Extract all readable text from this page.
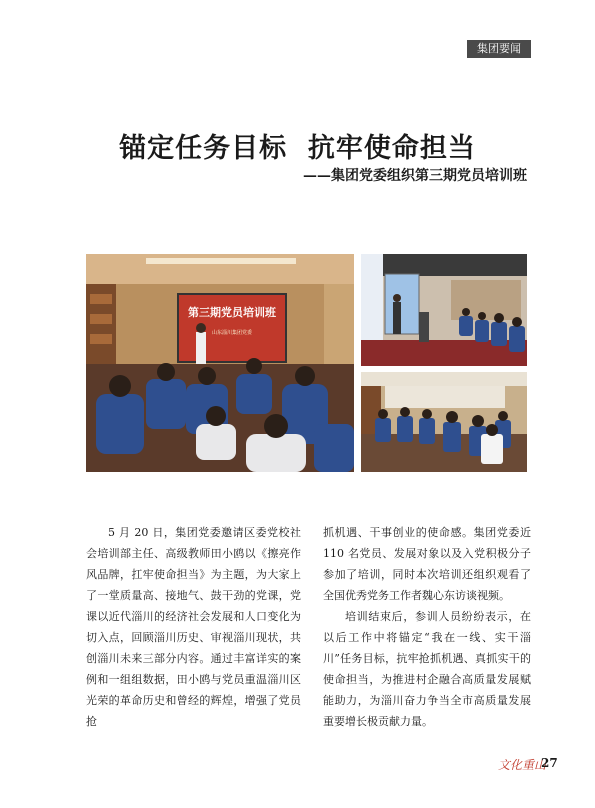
集团要闻
锚定任务目标  抗牢使命担当
——集团党委组织第三期党员培训班
第三期党员培训班
山东淄川集团党委

5 月 20 日，集团党委邀请区委党校社会培训部主任、高级教师田小鸥以《擦亮作风品牌，扛牢使命担当》为主题，为大家上了一堂质量高、接地气、鼓干劲的党课，党课以近代淄川的经济社会发展和人口变化为切入点，回顾淄川历史、审视淄川现状，共创淄川未来三部分内容。通过丰富详实的案例和一组组数据，田小鸥与党员重温淄川区光荣的革命历史和曾经的辉煌，增强了党员抢

抓机遇、干事创业的使命感。集团党委近 110 名党员、发展对象以及入党积极分子参加了培训，同时本次培训还组织观看了全国优秀党务工作者魏心东访谈视频。

培训结束后，参训人员纷纷表示，在以后工作中将锚定“我在一线、实干淄川”任务目标，抗牢抢抓机遇、真抓实干的使命担当，为推进村企融合高质量发展赋能助力，为淄川奋力争当全市高质量发展重要增长极贡献力量。

文化重山
27
